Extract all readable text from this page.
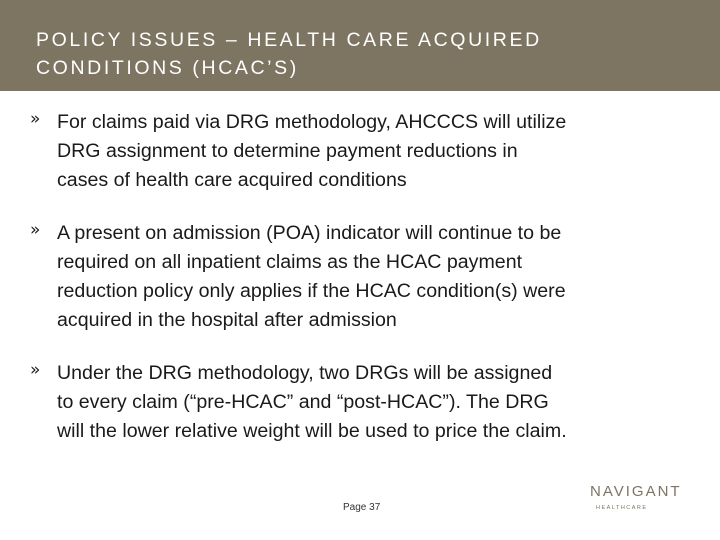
POLICY ISSUES – HEALTH CARE ACQUIRED
CONDITIONS (HCAC’S)
» For claims paid via DRG methodology, AHCCCS will utilize
DRG assignment to determine payment reductions in
cases of health care acquired conditions
» A present on admission (POA) indicator will continue to be
required on all inpatient claims as the HCAC payment
reduction policy only applies if the HCAC condition(s) were
acquired in the hospital after admission
» Under the DRG methodology, two DRGs will be assigned
to every claim (“pre-HCAC” and “post-HCAC”). The DRG
will the lower relative weight will be used to price the claim.
Page 37
NAVIGANT
HEALTHCARE
